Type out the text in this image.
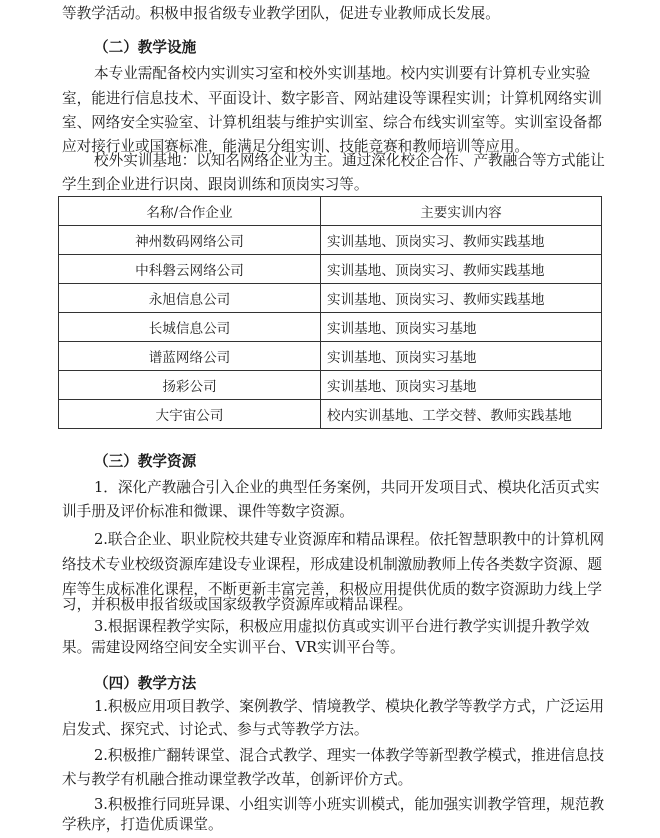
等教学活动。积极申报省级专业教学团队，促进专业教师成长发展。
（二）教学设施
本专业需配备校内实训实习室和校外实训基地。校内实训要有计算机专业实验
室，能进行信息技术、平面设计、数字影音、网站建设等课程实训；计算机网络实训
室、网络安全实验室、计算机组装与维护实训室、综合布线实训室等。实训室设备都
应对接行业或国赛标准，能满足分组实训、技能竞赛和教师培训等应用。
校外实训基地：以知名网络企业为主。通过深化校企合作、产教融合等方式能让
学生到企业进行识岗、跟岗训练和顶岗实习等。
名称/合作企业	主要实训内容
神州数码网络公司	实训基地、顶岗实习、教师实践基地
中科磐云网络公司	实训基地、顶岗实习、教师实践基地
永旭信息公司	实训基地、顶岗实习、教师实践基地
长城信息公司	实训基地、顶岗实习基地
谱蓝网络公司	实训基地、顶岗实习基地
扬彩公司	实训基地、顶岗实习基地
大宇宙公司	校内实训基地、工学交替、教师实践基地
（三）教学资源
1．深化产教融合引入企业的典型任务案例，共同开发项目式、模块化活页式实
训手册及评价标准和微课、课件等数字资源。
2.联合企业、职业院校共建专业资源库和精品课程。依托智慧职教中的计算机网
络技术专业校级资源库建设专业课程，形成建设机制激励教师上传各类数字资源、题
库等生成标准化课程，不断更新丰富完善，积极应用提供优质的数字资源助力线上学
习，并积极申报省级或国家级教学资源库或精品课程。
3.根据课程教学实际，积极应用虚拟仿真或实训平台进行教学实训提升教学效
果。需建设网络空间安全实训平台、VR实训平台等。
（四）教学方法
1.积极应用项目教学、案例教学、情境教学、模块化教学等教学方式，广泛运用
启发式、探究式、讨论式、参与式等教学方法。
2.积极推广翻转课堂、混合式教学、理实一体教学等新型教学模式，推进信息技
术与教学有机融合推动课堂教学改革，创新评价方式。
3.积极推行同班异课、小组实训等小班实训模式，能加强实训教学管理，规范教
学秩序，打造优质课堂。
